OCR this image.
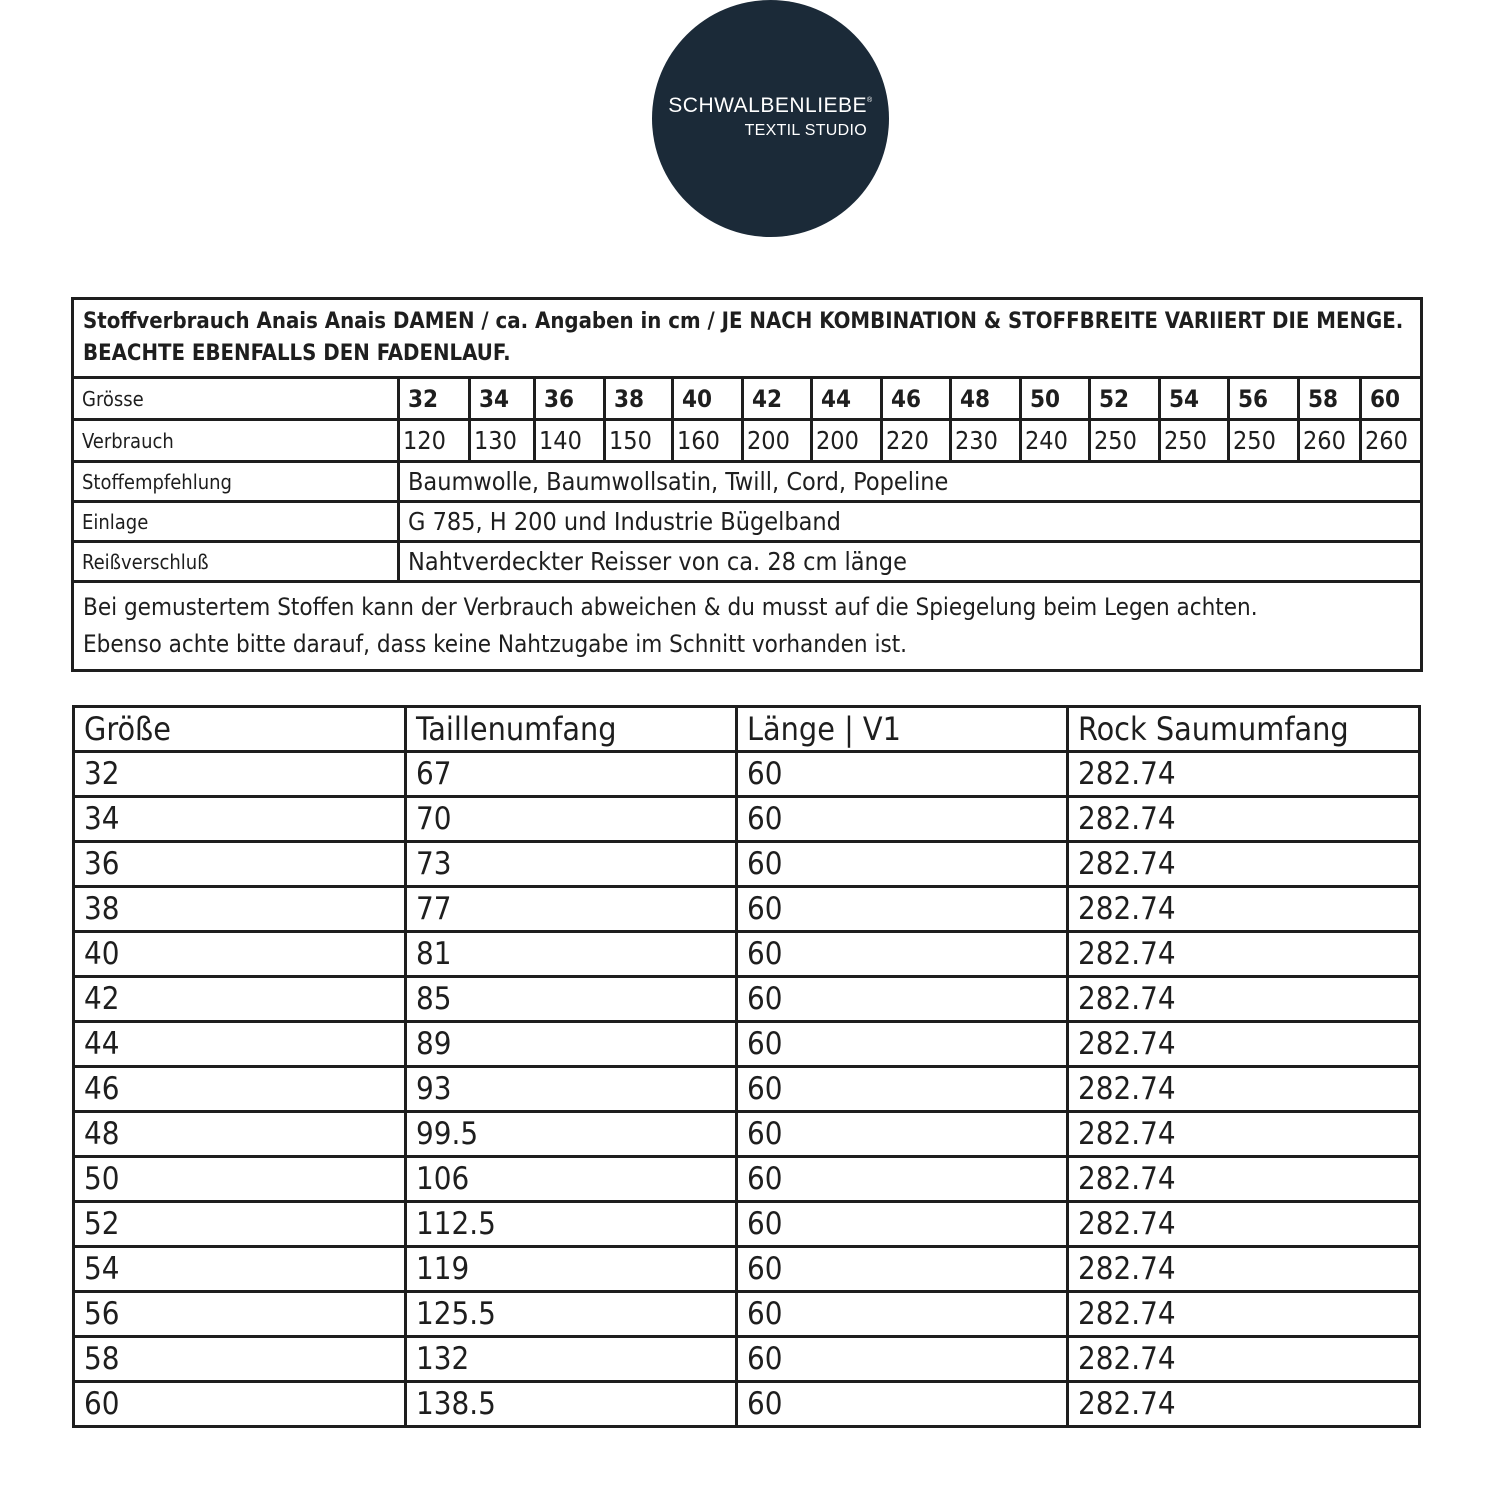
SCHWALBENLIEBE®
TEXTIL STUDIO
Stoffverbrauch Anais Anais DAMEN / ca. Angaben in cm / JE NACH KOMBINATION & STOFFBREITE VARIIERT DIE MENGE.
BEACHTE EBENFALLS DEN FADENLAUF.															

Grösse	32	34	36	38	40	42	44	46	48	50	52	54	56	58	60
Verbrauch	120	130	140	150	160	200	200	220	230	240	250	250	250	260	260
Stoffempfehlung	Baumwolle, Baumwollsatin, Twill, Cord, Popeline														
Einlage	G 785, H 200 und Industrie Bügelband														
Reißverschluß	Nahtverdeckter Reisser von ca. 28 cm länge														

Bei gemustertem Stoffen kann der Verbrauch abweichen & du musst auf die Spiegelung beim Legen achten.
Ebenso achte bitte darauf, dass keine Nahtzugabe im Schnitt vorhanden ist.															
Größe	Taillenumfang	Länge | V1	Rock Saumumfang
32	67	60	282.74
34	70	60	282.74
36	73	60	282.74
38	77	60	282.74
40	81	60	282.74
42	85	60	282.74
44	89	60	282.74
46	93	60	282.74
48	99.5	60	282.74
50	106	60	282.74
52	112.5	60	282.74
54	119	60	282.74
56	125.5	60	282.74
58	132	60	282.74
60	138.5	60	282.74
